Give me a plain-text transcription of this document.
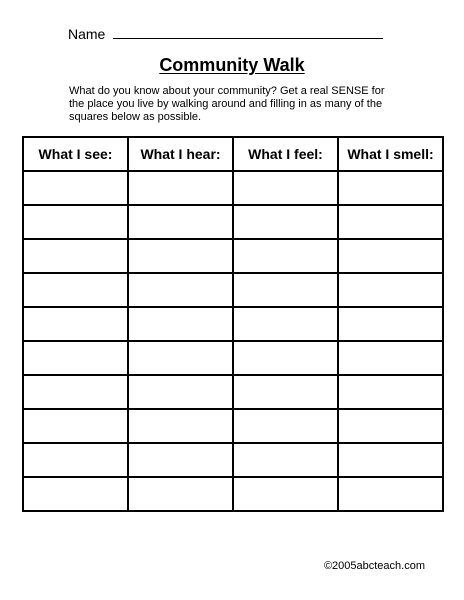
Name
Community Walk
What do you know about your community? Get a real SENSE for
the place you live by walking around and filling in as many of the
squares below as possible.
What I see:	What I hear:	What I feel:	What I smell:

©2005abcteach.com
